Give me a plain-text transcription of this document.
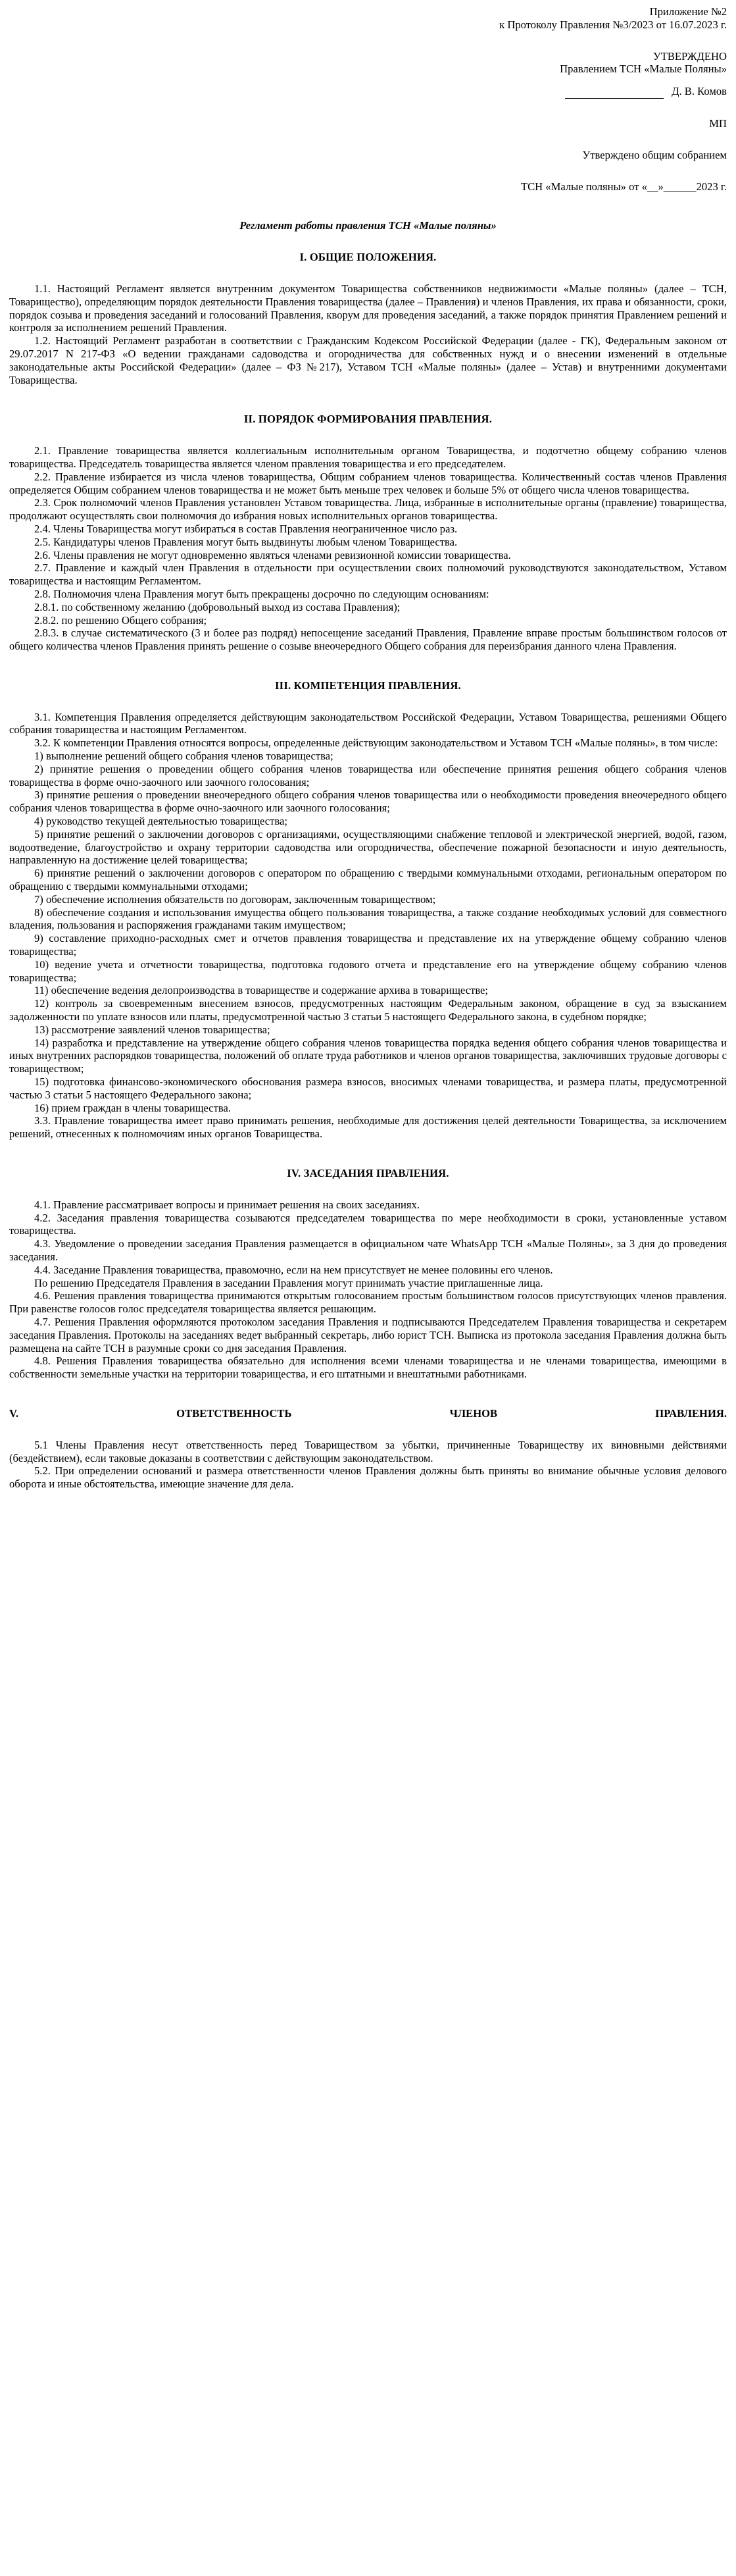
Приложение №2
к Протоколу Правления №3/2023 от 16.07.2023 г.
УТВЕРЖДЕНО
Правлением ТСН «Малые Поляны»
Д. В. Комов
МП
Утверждено общим собранием
ТСН «Малые поляны» от «__»______2023 г.
Регламент работы правления ТСН «Малые поляны»
I. ОБЩИЕ ПОЛОЖЕНИЯ.

1.1. Настоящий Регламент является внутренним документом Товарищества собственников недвижимости «Малые поляны» (далее – ТСН, Товарищество), определяющим порядок деятельности Правления товарищества (далее – Правления) и членов Правления, их права и обязанности, сроки, порядок созыва и проведения заседаний и голосований Правления, кворум для проведения заседаний, а также порядок принятия Правлением решений и контроля за исполнением решений Правления.

1.2. Настоящий Регламент разработан в соответствии с Гражданским Кодексом Российской Федерации (далее - ГК), Федеральным законом от 29.07.2017 N 217-ФЗ «О ведении гражданами садоводства и огородничества для собственных нужд и о внесении изменений в отдельные законодательные акты Российской Федерации» (далее – ФЗ №217), Уставом ТСН «Малые поляны» (далее – Устав) и внутренними документами Товарищества.

II. ПОРЯДОК ФОРМИРОВАНИЯ ПРАВЛЕНИЯ.

2.1. Правление товарищества является коллегиальным исполнительным органом Товарищества, и подотчетно общему собранию членов товарищества. Председатель товарищества является членом правления товарищества и его председателем.

2.2. Правление избирается из числа членов товарищества, Общим собранием членов товарищества. Количественный состав членов Правления определяется Общим собранием членов товарищества и не может быть меньше трех человек и больше 5% от общего числа членов товарищества.

2.3. Срок полномочий членов Правления установлен Уставом товарищества. Лица, избранные в исполнительные органы (правление) товарищества, продолжают осуществлять свои полномочия до избрания новых исполнительных органов товарищества.

2.4. Члены Товарищества могут избираться в состав Правления неограниченное число раз.

2.5. Кандидатуры членов Правления могут быть выдвинуты любым членом Товарищества.

2.6. Члены правления не могут одновременно являться членами ревизионной комиссии товарищества.

2.7. Правление и каждый член Правления в отдельности при осуществлении своих полномочий руководствуются законодательством, Уставом товарищества и настоящим Регламентом.

2.8. Полномочия члена Правления могут быть прекращены досрочно по следующим основаниям:

2.8.1. по собственному желанию (добровольный выход из состава Правления);

2.8.2. по решению Общего собрания;

2.8.3. в случае систематического (3 и более раз подряд) непосещение заседаний Правления, Правление вправе простым большинством голосов от общего количества членов Правления принять решение о созыве внеочередного Общего собрания для переизбрания данного члена Правления.

III. КОМПЕТЕНЦИЯ ПРАВЛЕНИЯ.

3.1. Компетенция Правления определяется действующим законодательством Российской Федерации, Уставом Товарищества, решениями Общего собрания товарищества и настоящим Регламентом.

3.2. К компетенции Правления относятся вопросы, определенные действующим законодательством и Уставом ТСН «Малые поляны», в том числе:

1) выполнение решений общего собрания членов товарищества;

2) принятие решения о проведении общего собрания членов товарищества или обеспечение принятия решения общего собрания членов товарищества в форме очно-заочного или заочного голосования;

3) принятие решения о проведении внеочередного общего собрания членов товарищества или о необходимости проведения внеочередного общего собрания членов товарищества в форме очно-заочного или заочного голосования;

4) руководство текущей деятельностью товарищества;

5) принятие решений о заключении договоров с организациями, осуществляющими снабжение тепловой и электрической энергией, водой, газом, водоотведение, благоустройство и охрану территории садоводства или огородничества, обеспечение пожарной безопасности и иную деятельность, направленную на достижение целей товарищества;

6) принятие решений о заключении договоров с оператором по обращению с твердыми коммунальными отходами, региональным оператором по обращению с твердыми коммунальными отходами;

7) обеспечение исполнения обязательств по договорам, заключенным товариществом;

8) обеспечение создания и использования имущества общего пользования товарищества, а также создание необходимых условий для совместного владения, пользования и распоряжения гражданами таким имуществом;

9) составление приходно-расходных смет и отчетов правления товарищества и представление их на утверждение общему собранию членов товарищества;

10) ведение учета и отчетности товарищества, подготовка годового отчета и представление его на утверждение общему собранию членов товарищества;

11) обеспечение ведения делопроизводства в товариществе и содержание архива в товариществе;

12) контроль за своевременным внесением взносов, предусмотренных настоящим Федеральным законом, обращение в суд за взысканием задолженности по уплате взносов или платы, предусмотренной частью 3 статьи 5 настоящего Федерального закона, в судебном порядке;

13) рассмотрение заявлений членов товарищества;

14) разработка и представление на утверждение общего собрания членов товарищества порядка ведения общего собрания членов товарищества и иных внутренних распорядков товарищества, положений об оплате труда работников и членов органов товарищества, заключивших трудовые договоры с товариществом;

15) подготовка финансово-экономического обоснования размера взносов, вносимых членами товарищества, и размера платы, предусмотренной частью 3 статьи 5 настоящего Федерального закона;

16) прием граждан в члены товарищества.

3.3. Правление товарищества имеет право принимать решения, необходимые для достижения целей деятельности Товарищества, за исключением решений, отнесенных к полномочиям иных органов Товарищества.

IV. ЗАСЕДАНИЯ ПРАВЛЕНИЯ.

4.1. Правление рассматривает вопросы и принимает решения на своих заседаниях.

4.2. Заседания правления товарищества созываются председателем товарищества по мере необходимости в сроки, установленные уставом товарищества.

4.3. Уведомление о проведении заседания Правления размещается в официальном чате WhatsApp ТСН «Малые Поляны», за 3 дня до проведения заседания.

4.4. Заседание Правления товарищества, правомочно, если на нем присутствует не менее половины его членов.

По решению Председателя Правления в заседании Правления могут принимать участие приглашенные лица.

4.6. Решения правления товарищества принимаются открытым голосованием простым большинством голосов присутствующих членов правления. При равенстве голосов голос председателя товарищества является решающим.

4.7. Решения Правления оформляются протоколом заседания Правления и подписываются Председателем Правления товарищества и секретарем заседания Правления. Протоколы на заседаниях ведет выбранный секретарь, либо юрист ТСН. Выписка из протокола заседания Правления должна быть размещена на сайте ТСН в разумные сроки со дня заседания Правления.

4.8. Решения Правления товарищества обязательно для исполнения всеми членами товарищества и не членами товарищества, имеющими в собственности земельные участки на территории товарищества, и его штатными и внештатными работниками.

V.	ОТВЕТСТВЕННОСТЬ	ЧЛЕНОВ	ПРАВЛЕНИЯ.

5.1 Члены Правления несут ответственность перед Товариществом за убытки, причиненные Товариществу их виновными действиями (бездействием), если таковые доказаны в соответствии с действующим законодательством.

5.2. При определении оснований и размера ответственности членов Правления должны быть приняты во внимание обычные условия делового оборота и иные обстоятельства, имеющие значение для дела.
